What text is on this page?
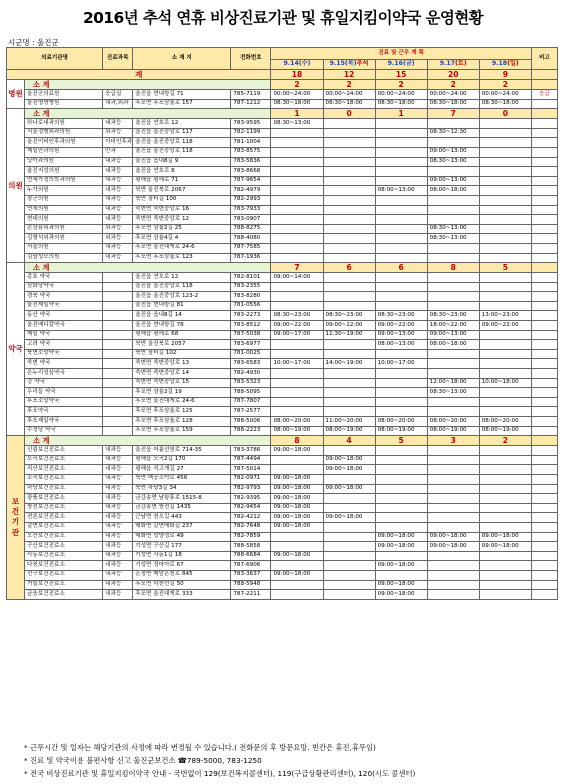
2016년 추석 연휴 비상진료기관 및 휴일지킴이약국 운영현황
시군명 : 울진군
의료기관명		진료과목	소 재 지	전화번호	진료 및 근무 계 획					비고
					9.14(수)	9.15(목)추석	9.16(금)	9.17(토)	9.18(일)	
계					18	12	15	20	9	
병원	소 계				2	2	2	2	2	
	울진군의료원	응급실	울진읍 현내항길 71	785-7119	00:00~24:00	00:00~24:00	00:00~24:00	00:00~24:00	00:00~24:00	응급
	울진영명병원	내과,외과	후포면 후포삼율로 157	787-1212	08:30~18:00	08:30~18:00	08:30~18:00	08:30~18:00	08:30~18:00	
의원	소 계				1	0	1	7	0	
	하나로내과의원	내과등	울진읍 연호로 12	783-9595	08:30~13:00					
	서울정형외과의원	외과등	울진읍 울진중앙로 117	782-1199				08:30~12:30		
	울진이비인후과의원	이비인후과	울진읍 울진중앙로 118	781-1004						
	제일안과의원	안과	울진읍 울진중앙로 118	783-8575				09:00~13:00		
	낭아과의원	내과등	울진읍 읍내8길 9	783-5836				08:30~13:00		
	울진지성의원	내과등	울진읍 연호로 8	783-8668						
	연세가정의학과의원	내과등	평해읍 평해로 71	787-9654				09:00~13:00		
	누가의원	내과등	북면 울진북로 2067	782-4979			08:00~13:00	08:00~18:00		
	장군의원	내과등	북면 장터길 100	782-2993						
	연세의원	내과등	죽변면 죽변중앙로 16	783-7933						
	현대의원	내과등	죽변면 죽변중앙로 12	783-0907						
	손상용외과의원	외과등	후포면 삼율2길 25	788-8275				08:30~13:00		
	김형석외과의원	외과등	후포면 삼율4길 4	788-4080				08:30~13:00		
	서울의원	내과등	후포면 울진대게로 24-6	787-7585						
	김남성모의원	내과등	후포면 후포삼율로 123	787-1936						
약국	소 계				7	6	6	8	5	
	총호 약국		울진읍 연호로 12	782-8101	09:00~14:00					
	삼화당약국		울진읍 울진중앙로 118	783-2355						
	경북 약국		울진읍 울진중앙로 123-2	783-8280						
	울진제일약국		울진읍 현내항길 81	781-0556						
	동산 약국		울진읍 읍내8길 14	783-2273	08:30~23:00	08:30~23:00	08:30~23:00	08:30~23:00	13:00~23:00	
	울진메디칼약국		울진읍 현내항길 78	783-8512	09:00~22:00	09:00~22:00	09:00~22:00	18:00~22:00	09:00~22:00	
	제일 약국		평해읍 평해로 68	787-5038	09:00~17:00	11:30~19:00	09:00~13:00	09:00~13:00		
	고려 약국		북면 울진북로 2057	783-6977			08:00~13:00	08:00~18:00		
	북면소망약국		북면 장터길 102	781-0025						
	죽변 약국		죽변면 죽변중앙로 13	783-6583	10:00~17:00	14:00~19:00	10:00~17:00			
	온누리성심약국		죽변면 죽변중앙로 14	782-4930						
	강 약국		죽변면 죽변중앙로 15	783-5323				12:00~18:00	10:00~18:00	
	우리들 약국		후포면 삼율2길 19	788-5095				08:30~13:00		
	후포소망약국		후포면 울진대게로 24-6	787-7807						
	후포약국		후포면 후포삼율로 125	787-2577						
	후포제일약국		후포면 후포삼율로 128	788-5006	08:00~20:00	11:00~20:00	08:00~20:00	08:00~20:00	08:00~20:00	
	수정당 약국		후포면 후포삼율로 159	788-2223	08:00~19:00	08:00~19:00	08:00~19:00	08:00~19:00	08:00~19:00	
보
건
기
관	소 계				8	4	5	3	2	
	신림보건진료소	내과등	울진읍 어름선창로 714-35	783-3786	09:00~18:00					
	오곡보건진료소	내과등	평해읍 오곡2길 170	787-4494		09:00~18:00				
	직산보건진료소	내과등	평해읍 직고개길 27	787-5014		09:00~18:00				
	소곡보건진료소	내과등	북면 백공소야로 456	782-0971	09:00~18:00					
	하당보건진료소	내과등	북면 하당3길 34	782-9793	09:00~18:00	09:00~18:00				
	광품보건진료소	내과등	금강송면 남왕휴로 1515-8	782-9395	09:00~18:00					
	쌍전보건진료소	내과등	금강송면 쌍전길 1435	782-9454	09:00~18:00					
	전론보건진료소	내과등	근남면 천오길 443	782-4212	09:00~18:00	09:00~18:00				
	갈면보건진료소	내과등	매화면 갈면매화길 237	782-7648	09:00~18:00					
	오산보건진료소	내과등	매화면 망양정로 49	782-7859			09:00~18:00	09:00~18:00	09:00~18:00	
	구산보건진료소	내과등	기성면 구산길 177	788-5858			09:00~18:00	09:00~18:00	09:00~18:00	
	사동보건진료소	내과등	기성면 사동1길 18	788-6684	09:00~18:00					
	다천보건진료소	내과등	기성면 정마아로 67	787-6906			09:00~18:00			
	선구보건진료소	내과등	온정면 백암온천로 845	783-3637	09:00~18:00					
	거일보건진료소	내과등	후포면 하천선길 50	788-5948			09:00~18:00			
	금음보건진료소	내과등	후포면 울진대게로 333	787-2211			09:00~18:00			
* 근무시간 및 일자는 해당기관의 사정에 따라 변경될 수 있습니다.( 전화문의 후 방문요망. 빈칸은 휴진,휴무임)
* 진료 및 약국이용 불편사항 신고 울진군보건소 ☎789-5000, 783-1250
* 전국 비상진료기관 및 휴일지킴이약국 안내 - 국번없이 129(보건복지콜센터), 119(구급상황관리센터), 120(시도 콜센터)
